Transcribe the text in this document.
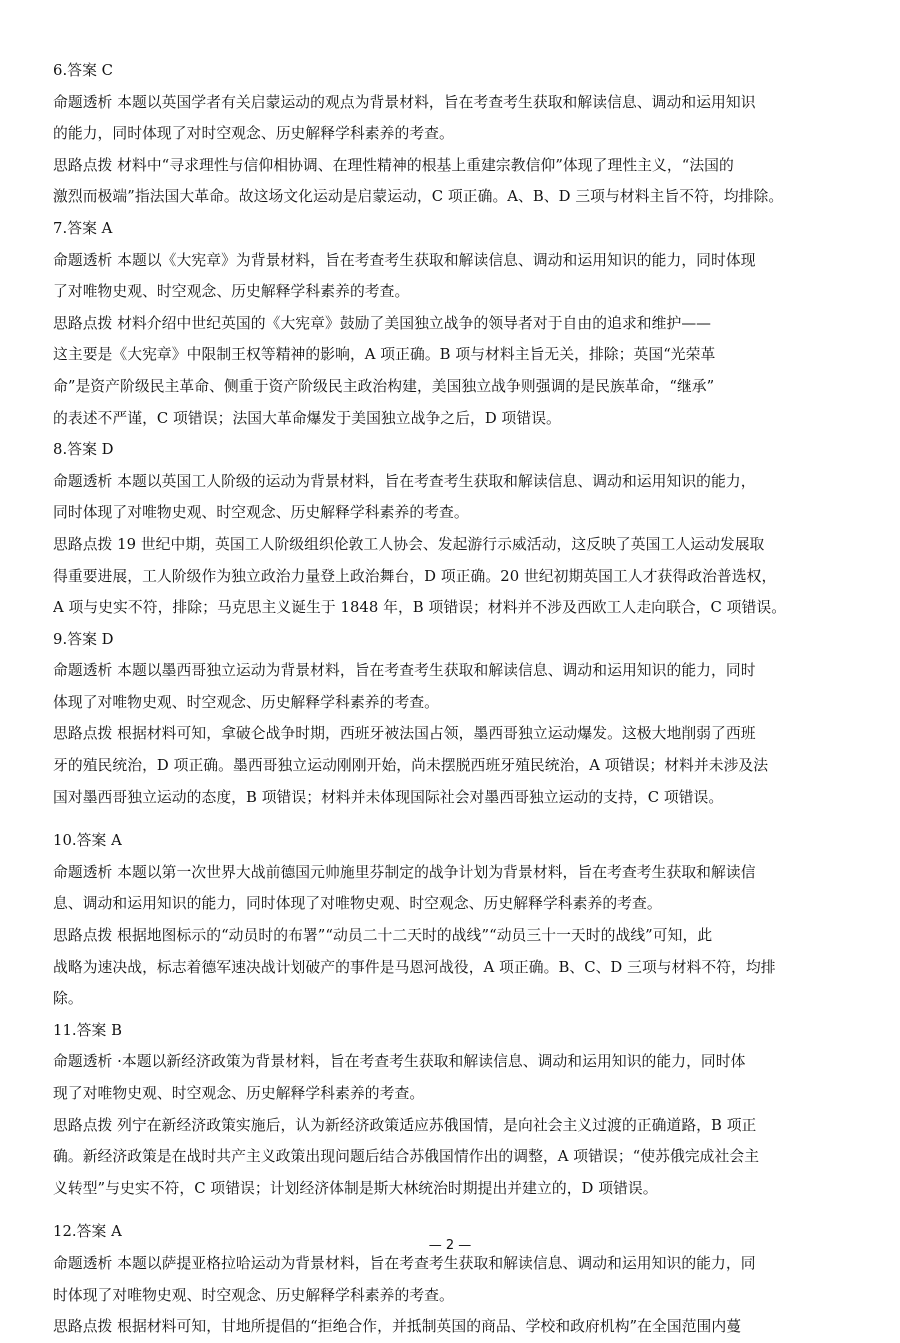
6.答案 C
命题透析 本题以英国学者有关启蒙运动的观点为背景材料，旨在考查考生获取和解读信息、调动和运用知识
的能力，同时体现了对时空观念、历史解释学科素养的考查。
思路点拨 材料中“寻求理性与信仰相协调、在理性精神的根基上重建宗教信仰”体现了理性主义，“法国的
激烈而极端”指法国大革命。故这场文化运动是启蒙运动，C 项正确。A、B、D 三项与材料主旨不符，均排除。
7.答案 A
命题透析 本题以《大宪章》为背景材料，旨在考查考生获取和解读信息、调动和运用知识的能力，同时体现
了对唯物史观、时空观念、历史解释学科素养的考查。
思路点拨 材料介绍中世纪英国的《大宪章》鼓励了美国独立战争的领导者对于自由的追求和维护——
这主要是《大宪章》中限制王权等精神的影响，A 项正确。B 项与材料主旨无关，排除；英国“光荣革
命”是资产阶级民主革命、侧重于资产阶级民主政治构建，美国独立战争则强调的是民族革命，“继承”
的表述不严谨，C 项错误；法国大革命爆发于美国独立战争之后，D 项错误。
8.答案 D
命题透析 本题以英国工人阶级的运动为背景材料，旨在考查考生获取和解读信息、调动和运用知识的能力，
同时体现了对唯物史观、时空观念、历史解释学科素养的考查。
思路点拨 19 世纪中期，英国工人阶级组织伦敦工人协会、发起游行示威活动，这反映了英国工人运动发展取
得重要进展，工人阶级作为独立政治力量登上政治舞台，D 项正确。20 世纪初期英国工人才获得政治普选权，
A 项与史实不符，排除；马克思主义诞生于 1848 年，B 项错误；材料并不涉及西欧工人走向联合，C 项错误。
9.答案 D
命题透析 本题以墨西哥独立运动为背景材料，旨在考查考生获取和解读信息、调动和运用知识的能力，同时
体现了对唯物史观、时空观念、历史解释学科素养的考查。
思路点拨 根据材料可知，拿破仑战争时期，西班牙被法国占领，墨西哥独立运动爆发。这极大地削弱了西班
牙的殖民统治，D 项正确。墨西哥独立运动刚刚开始，尚未摆脱西班牙殖民统治，A 项错误；材料并未涉及法
国对墨西哥独立运动的态度，B 项错误；材料并未体现国际社会对墨西哥独立运动的支持，C 项错误。
10.答案 A
命题透析 本题以第一次世界大战前德国元帅施里芬制定的战争计划为背景材料，旨在考查考生获取和解读信
息、调动和运用知识的能力，同时体现了对唯物史观、时空观念、历史解释学科素养的考查。
思路点拨 根据地图标示的“动员时的布署”“动员二十二天时的战线”“动员三十一天时的战线”可知，此
战略为速决战，标志着德军速决战计划破产的事件是马恩河战役，A 项正确。B、C、D 三项与材料不符，均排
除。
11.答案 B
命题透析 ·本题以新经济政策为背景材料，旨在考查考生获取和解读信息、调动和运用知识的能力，同时体
现了对唯物史观、时空观念、历史解释学科素养的考查。
思路点拨 列宁在新经济政策实施后，认为新经济政策适应苏俄国情，是向社会主义过渡的正确道路，B 项正
确。新经济政策是在战时共产主义政策出现问题后结合苏俄国情作出的调整，A 项错误；“使苏俄完成社会主
义转型”与史实不符，C 项错误；计划经济体制是斯大林统治时期提出并建立的，D 项错误。
12.答案 A
命题透析 本题以萨提亚格拉哈运动为背景材料，旨在考查考生获取和解读信息、调动和运用知识的能力，同
时体现了对唯物史观、时空观念、历史解释学科素养的考查。
思路点拨 根据材料可知，甘地所提倡的“拒绝合作，并抵制英国的商品、学校和政府机构”在全国范围内蔓
— 2 —
